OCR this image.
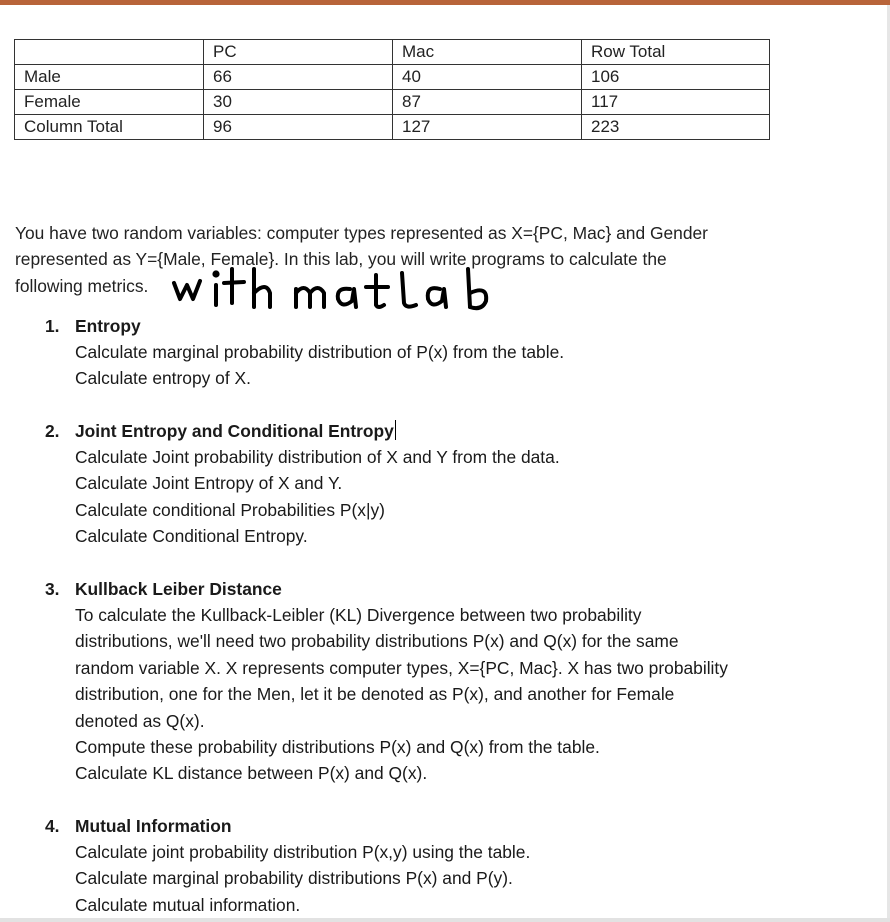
	PC	Mac	Row Total
Male	66	40	106
Female	30	87	117
Column Total	96	127	223
You have two random variables: computer types represented as X={PC, Mac} and Gender
represented as Y={Male, Female}. In this lab, you will write programs to calculate the
following metrics.
1. Entropy
Calculate marginal probability distribution of P(x) from the table.
Calculate entropy of X.
2. Joint Entropy and Conditional Entropy
Calculate Joint probability distribution of X and Y from the data.
Calculate Joint Entropy of X and Y.
Calculate conditional Probabilities P(x|y)
Calculate Conditional Entropy.
3. Kullback Leiber Distance
To calculate the Kullback-Leibler (KL) Divergence between two probability
distributions, we'll need two probability distributions P(x) and Q(x) for the same
random variable X. X represents computer types, X={PC, Mac}. X has two probability
distribution, one for the Men, let it be denoted as P(x), and another for Female
denoted as Q(x).
Compute these probability distributions P(x) and Q(x) from the table.
Calculate KL distance between P(x) and Q(x).
4. Mutual Information
Calculate joint probability distribution P(x,y) using the table.
Calculate marginal probability distributions P(x) and P(y).
Calculate mutual information.
